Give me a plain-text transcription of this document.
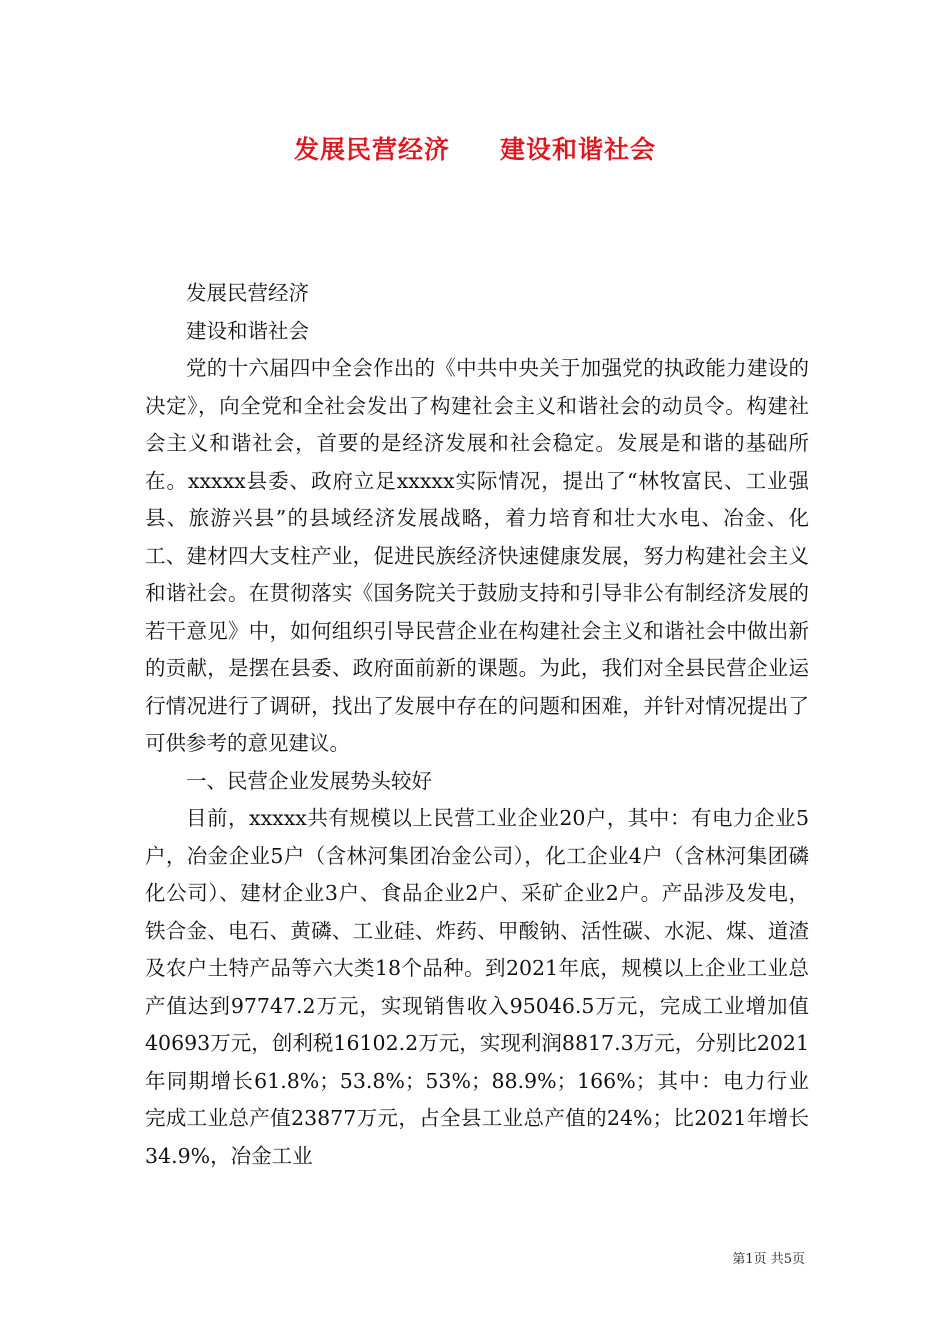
发展民营经济 建设和谐社会

发展民营经济

建设和谐社会

党的十六届四中全会作出的《中共中央关于加强党的执政能力建设的决定》，向全党和全社会发出了构建社会主义和谐社会的动员令。构建社会主义和谐社会，首要的是经济发展和社会稳定。发展是和谐的基础所在。xxxxx县委、政府立足xxxxx实际情况，提出了“林牧富民、工业强县、旅游兴县”的县域经济发展战略，着力培育和壮大水电、冶金、化工、建材四大支柱产业，促进民族经济快速健康发展，努力构建社会主义和谐社会。在贯彻落实《国务院关于鼓励支持和引导非公有制经济发展的若干意见》中，如何组织引导民营企业在构建社会主义和谐社会中做出新的贡献，是摆在县委、政府面前新的课题。为此，我们对全县民营企业运行情况进行了调研，找出了发展中存在的问题和困难，并针对情况提出了可供参考的意见建议。

一、民营企业发展势头较好

目前，xxxxx共有规模以上民营工业企业20户，其中：有电力企业5户，冶金企业5户（含林河集团冶金公司），化工企业4户（含林河集团磷化公司）、建材企业3户、食品企业2户、采矿企业2户。产品涉及发电，铁合金、电石、黄磷、工业硅、炸药、甲酸钠、活性碳、水泥、煤、道渣及农户土特产品等六大类18个品种。到2021年底，规模以上企业工业总产值达到97747.2万元，实现销售收入95046.5万元，完成工业增加值40693万元，创利税16102.2万元，实现利润8817.3万元，分别比2021年同期增长61.8%；53.8%；53%；88.9%；166%；其中：电力行业完成工业总产值23877万元，占全县工业总产值的24%；比2021年增长34.9%，冶金工业

第1页 共5页
